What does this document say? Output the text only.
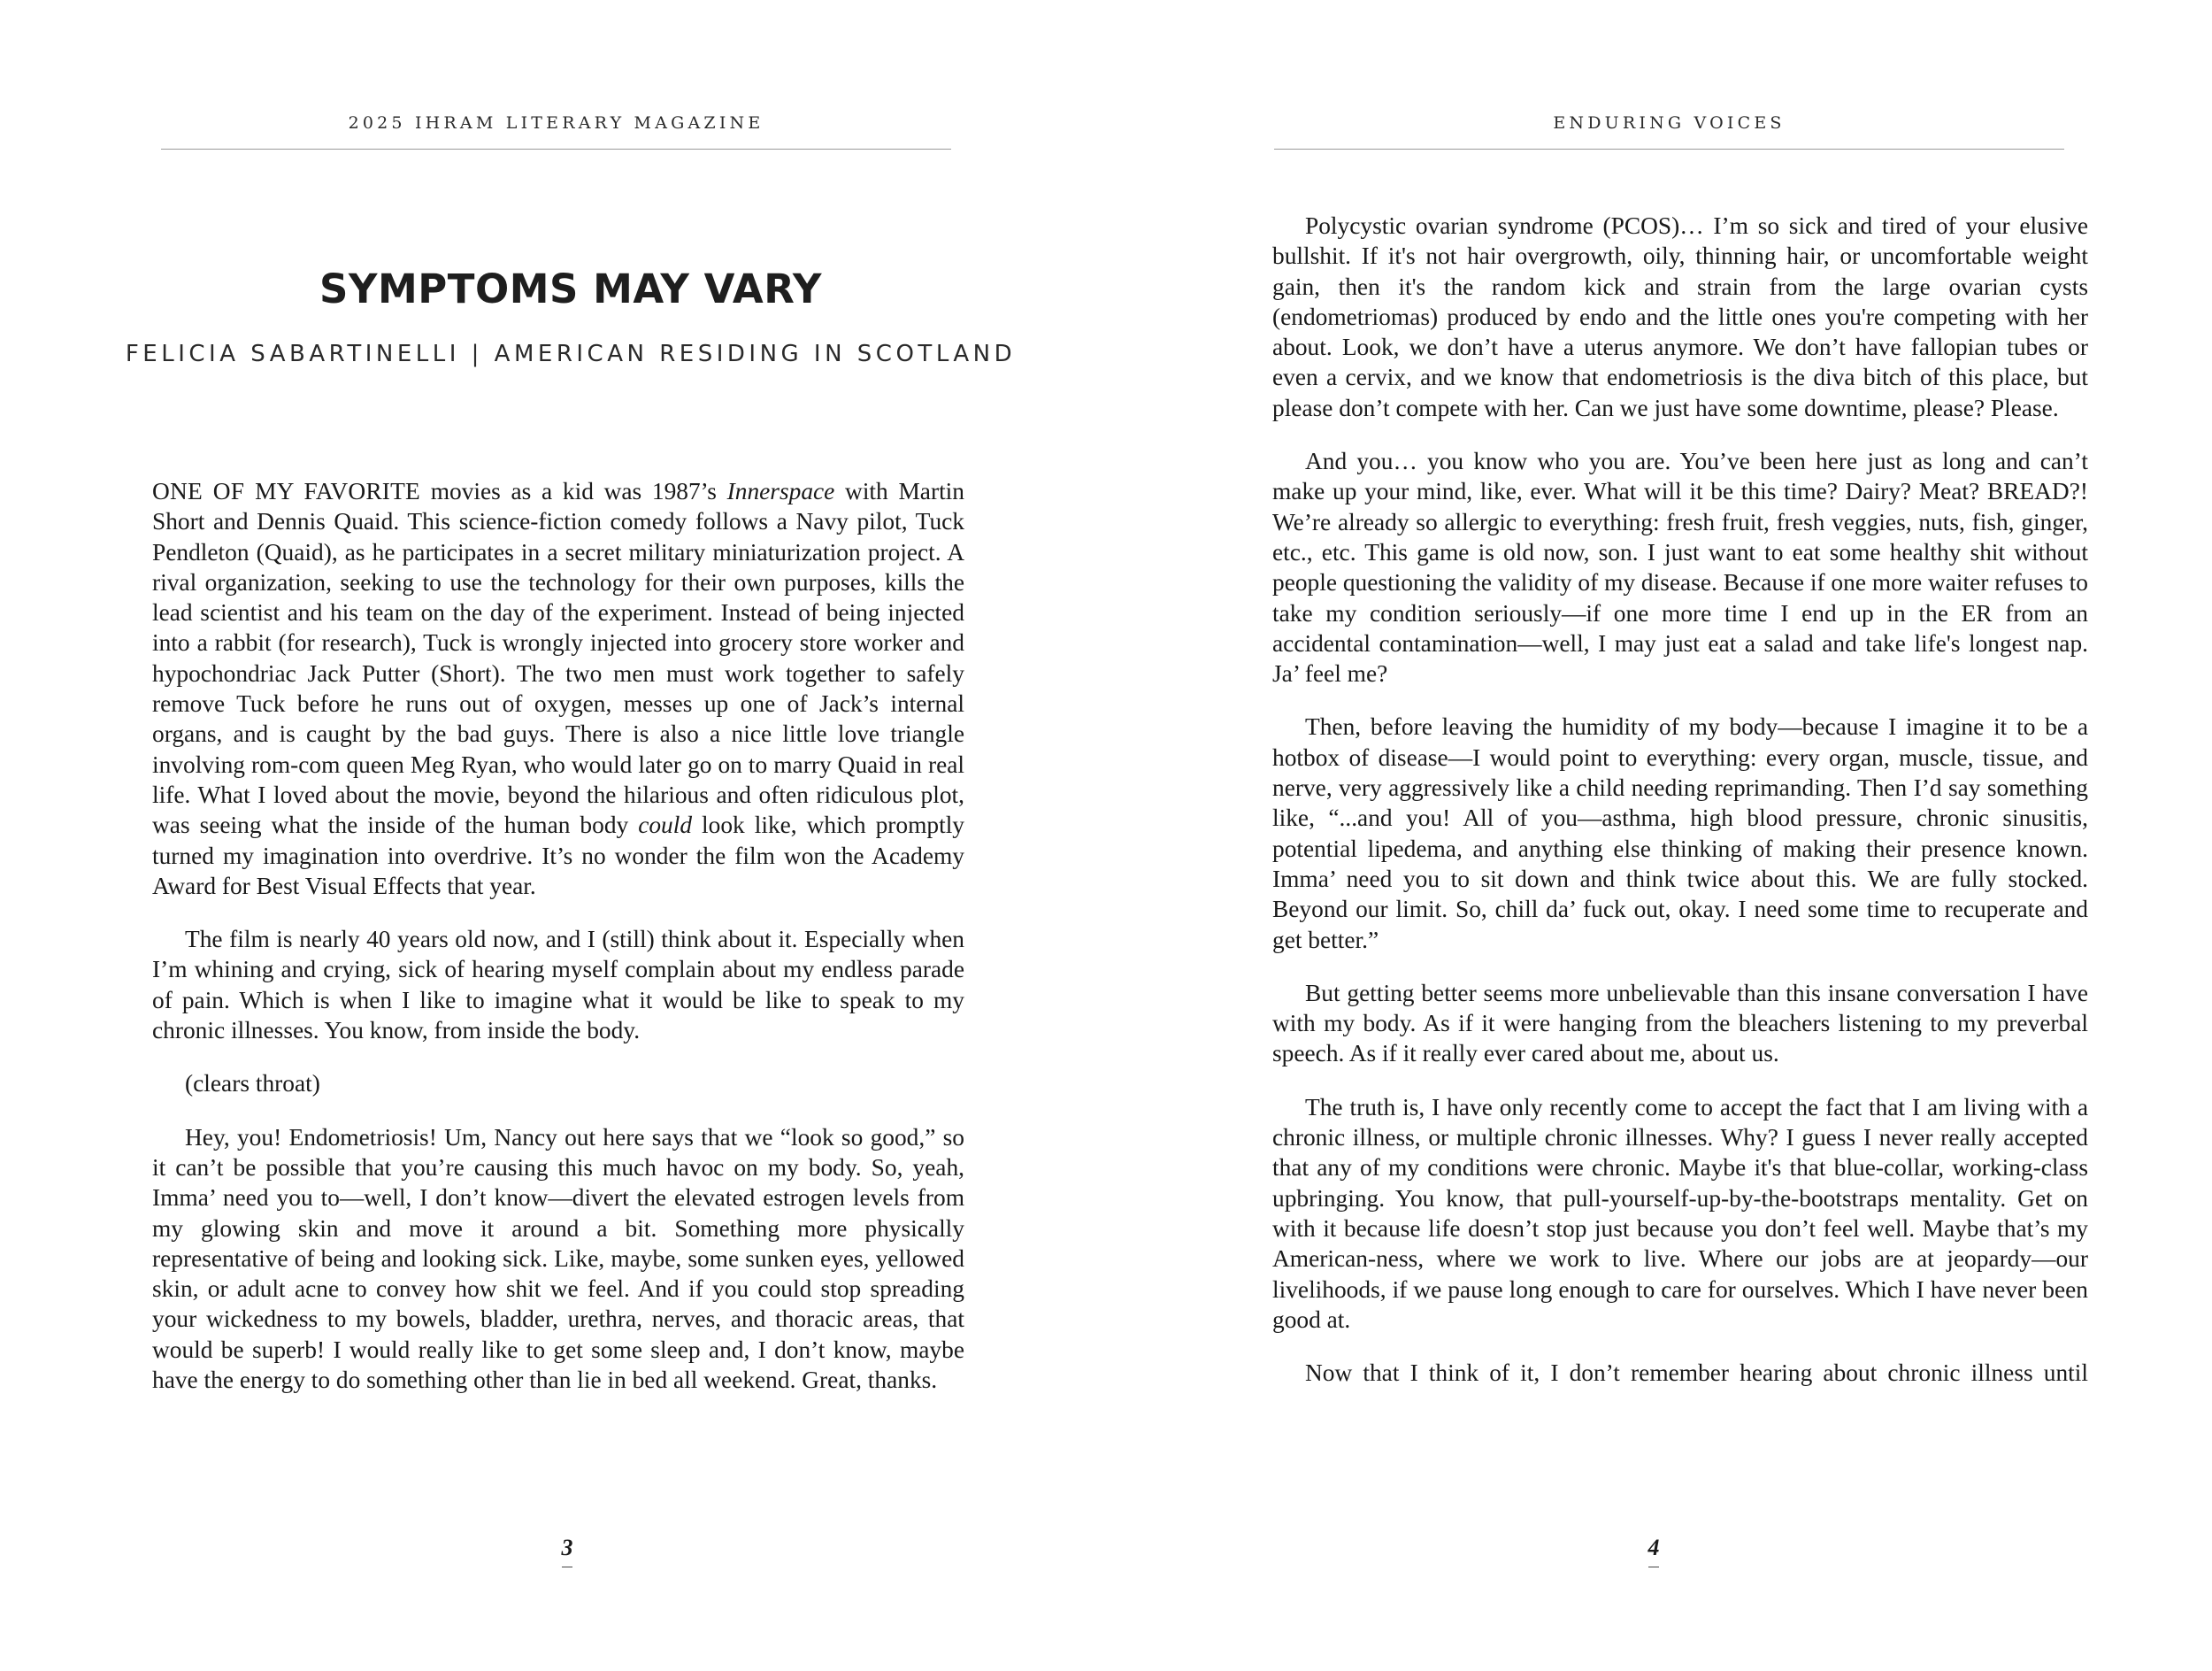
2025 IHRAM LITERARY MAGAZINE
SYMPTOMS MAY VARY
FELICIA SABARTINELLI | AMERICAN RESIDING IN SCOTLAND

ONE OF MY FAVORITE movies as a kid was 1987’s Innerspace with Martin Short and Dennis Quaid. This science-fiction comedy follows a Navy pilot, Tuck Pendleton (Quaid), as he participates in a secret military miniaturization project. A rival organization, seeking to use the technology for their own purposes, kills the lead scientist and his team on the day of the experiment. Instead of being injected into a rabbit (for research), Tuck is wrongly injected into grocery store worker and hypochondriac Jack Putter (Short). The two men must work together to safely remove Tuck before he runs out of oxygen, messes up one of Jack’s internal organs, and is caught by the bad guys. There is also a nice little love triangle involving rom-com queen Meg Ryan, who would later go on to marry Quaid in real life. What I loved about the movie, beyond the hilarious and often ridiculous plot, was seeing what the inside of the human body could look like, which promptly turned my imagination into overdrive. It’s no wonder the film won the Academy Award for Best Visual Effects that year.

The film is nearly 40 years old now, and I (still) think about it. Especially when I’m whining and crying, sick of hearing myself complain about my endless parade of pain. Which is when I like to imagine what it would be like to speak to my chronic illnesses. You know, from inside the body.

(clears throat)

Hey, you! Endometriosis! Um, Nancy out here says that we “look so good,” so it can’t be possible that you’re causing this much havoc on my body. So, yeah, Imma’ need you to—well, I don’t know—divert the elevated estrogen levels from my glowing skin and move it around a bit. Something more physically representative of being and looking sick. Like, maybe, some sunken eyes, yellowed skin, or adult acne to convey how shit we feel. And if you could stop spreading your wickedness to my bowels, bladder, urethra, nerves, and thoracic areas, that would be superb! I would really like to get some sleep and, I don’t know, maybe have the energy to do something other than lie in bed all weekend. Great, thanks.

3
ENDURING VOICES

Polycystic ovarian syndrome (PCOS)… I’m so sick and tired of your elusive bullshit. If it's not hair overgrowth, oily, thinning hair, or uncomfortable weight gain, then it's the random kick and strain from the large ovarian cysts (endometriomas) produced by endo and the little ones you're competing with her about. Look, we don’t have a uterus anymore. We don’t have fallopian tubes or even a cervix, and we know that endometriosis is the diva bitch of this place, but please don’t compete with her. Can we just have some downtime, please? Please.

And you… you know who you are. You’ve been here just as long and can’t make up your mind, like, ever. What will it be this time? Dairy? Meat? BREAD?! We’re already so allergic to everything: fresh fruit, fresh veggies, nuts, fish, ginger, etc., etc. This game is old now, son. I just want to eat some healthy shit without people questioning the validity of my disease. Because if one more waiter refuses to take my condition seriously—if one more time I end up in the ER from an accidental contamination—well, I may just eat a salad and take life's longest nap. Ja’ feel me?

Then, before leaving the humidity of my body—because I imagine it to be a hotbox of disease—I would point to everything: every organ, muscle, tissue, and nerve, very aggressively like a child needing reprimanding. Then I’d say something like, “...and you! All of you—asthma, high blood pressure, chronic sinusitis, potential lipedema, and anything else thinking of making their presence known. Imma’ need you to sit down and think twice about this. We are fully stocked. Beyond our limit. So, chill da’ fuck out, okay. I need some time to recuperate and get better.”

But getting better seems more unbelievable than this insane conversation I have with my body. As if it were hanging from the bleachers listening to my preverbal speech. As if it really ever cared about me, about us.

The truth is, I have only recently come to accept the fact that I am living with a chronic illness, or multiple chronic illnesses. Why? I guess I never really accepted that any of my conditions were chronic. Maybe it's that blue-collar, working-class upbringing. You know, that pull-yourself-up-by-the-bootstraps mentality. Get on with it because life doesn’t stop just because you don’t feel well. Maybe that’s my American-ness, where we work to live. Where our jobs are at jeopardy—our livelihoods, if we pause long enough to care for ourselves. Which I have never been good at.

Now that I think of it, I don’t remember hearing about chronic illness until

4
